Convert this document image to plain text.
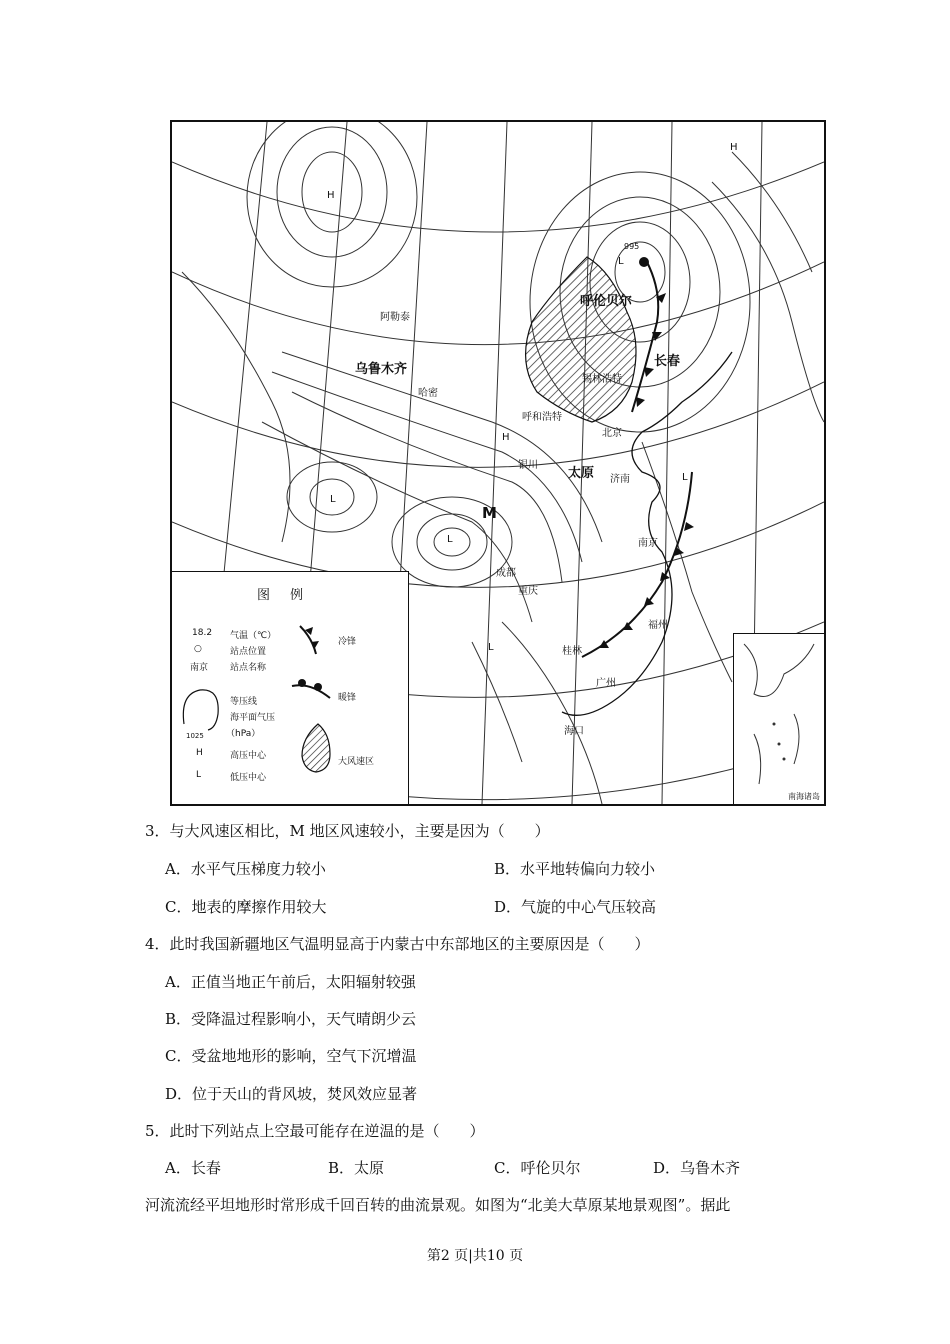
呼伦贝尔
长春
锡林浩特
呼和浩特
北京
乌鲁木齐
阿勒泰
哈密
银川
太原 济南
南京
成都
重庆
桂林
福州
广州
海口
M
H
H
H
L
L
L
L
L
995
图例
18.2 气温（℃）
○	站点位置
南京 站点名称
冷锋
暖锋
等压线
海平面气压
（hPa）
1025
H	高压中心
L	低压中心
大风速区
南海诸岛
3．与大风速区相比，M 地区风速较小，主要是因为（　　）
A．水平气压梯度力较小	B．水平地转偏向力较小
C．地表的摩擦作用较大	D．气旋的中心气压较高
4．此时我国新疆地区气温明显高于内蒙古中东部地区的主要原因是（　　）
A．正值当地正午前后，太阳辐射较强
B．受降温过程影响小，天气晴朗少云
C．受盆地地形的影响，空气下沉增温
D．位于天山的背风坡，焚风效应显著
5．此时下列站点上空最可能存在逆温的是（　　）
A．长春	B．太原	C．呼伦贝尔	D．乌鲁木齐
河流流经平坦地形时常形成千回百转的曲流景观。如图为“北美大草原某地景观图”。据此
第2 页|共10 页
